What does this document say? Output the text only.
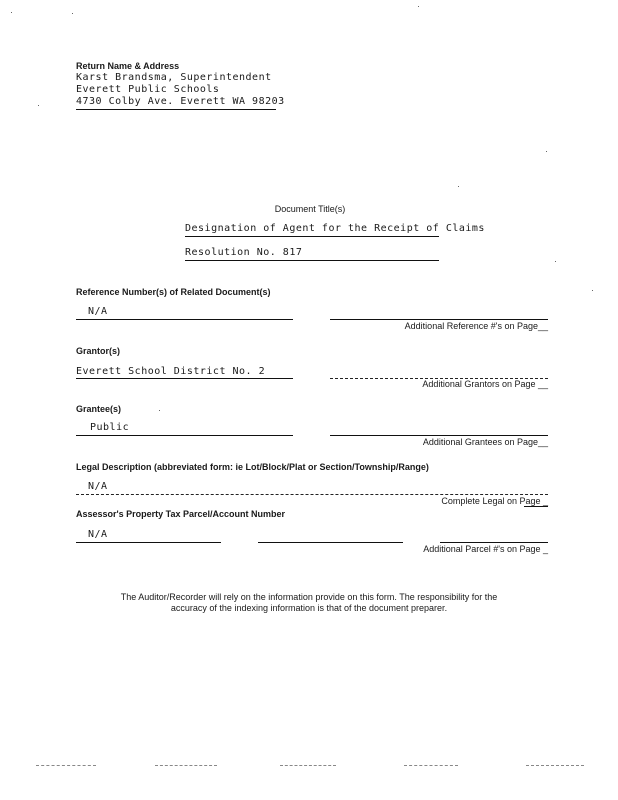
Return Name & Address
Karst Brandsma, Superintendent
Everett Public Schools
4730 Colby Ave. Everett WA 98203
Document Title(s)
Designation of Agent for the Receipt of Claims
Resolution No. 817
Reference Number(s) of Related Document(s)
N/A
Additional Reference #'s on Page__
Grantor(s)
Everett School District No. 2
Additional Grantors on Page __
Grantee(s)
Public
Additional Grantees on Page__
Legal Description (abbreviated form: ie Lot/Block/Plat or Section/Township/Range)
N/A
Complete Legal on Page _
Assessor's Property Tax Parcel/Account Number
N/A
Additional Parcel #'s on Page _
The Auditor/Recorder will rely on the information provide on this form. The responsibility for the
accuracy of the indexing information is that of the document preparer.
